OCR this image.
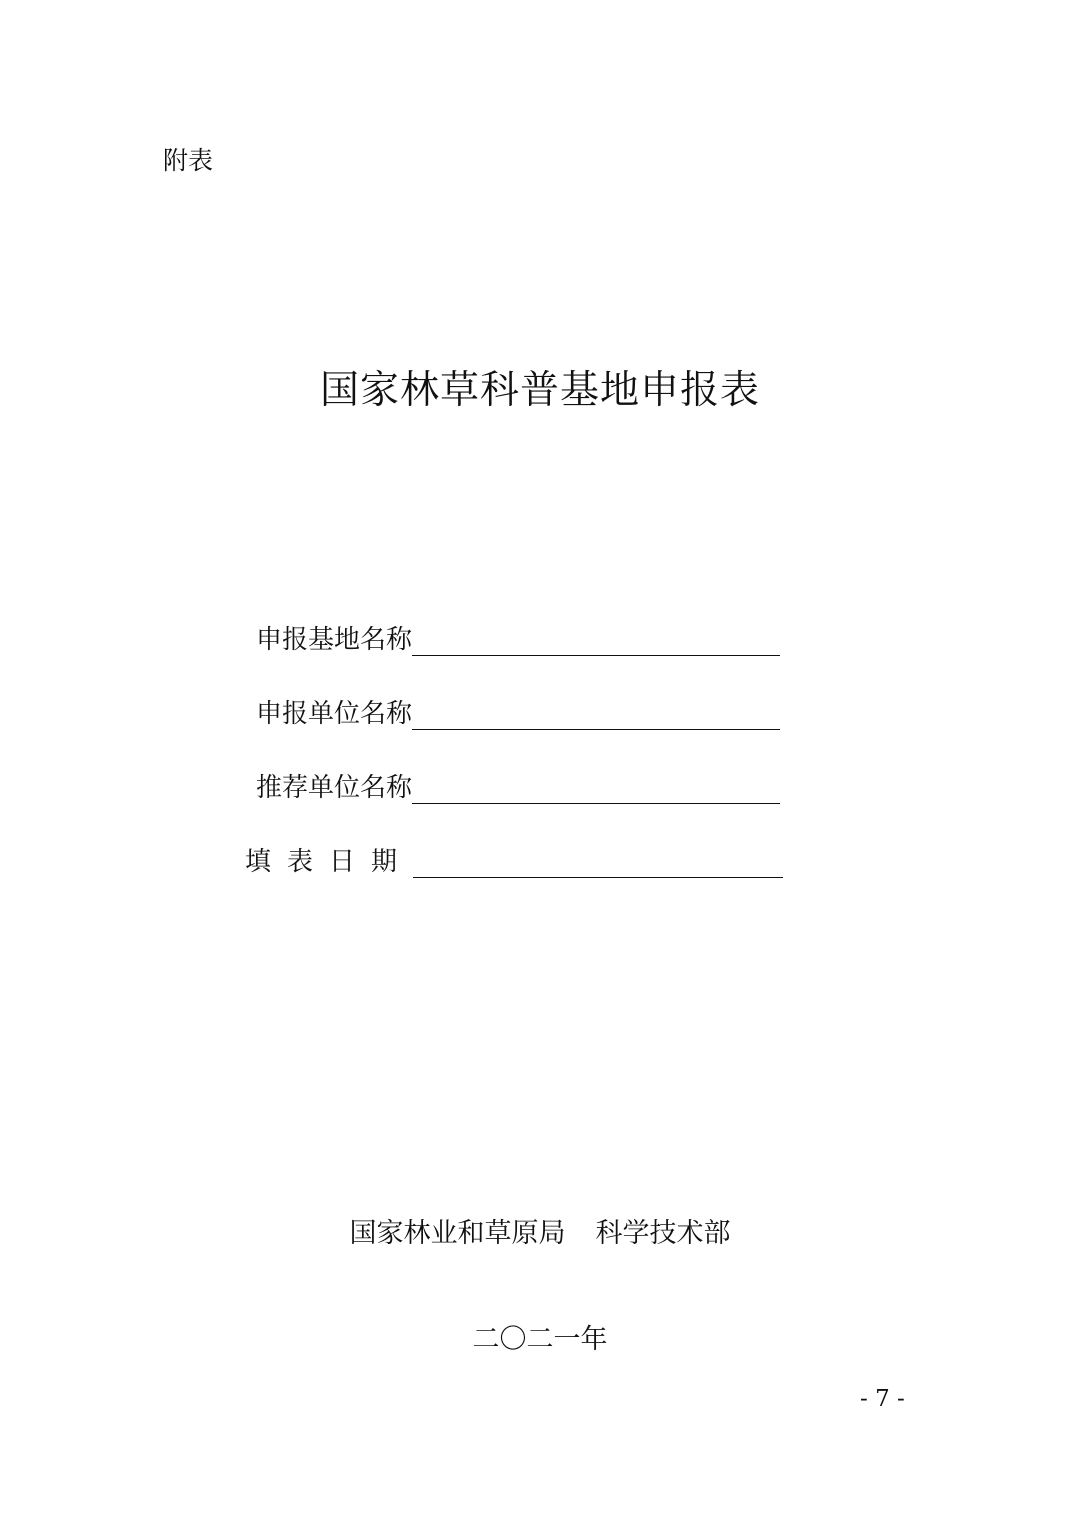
附表
国家林草科普基地申报表
申报基地名称
申报单位名称
推荐单位名称
填表日期
国家林业和草原局 科学技术部
二〇二一年
- 7 -
